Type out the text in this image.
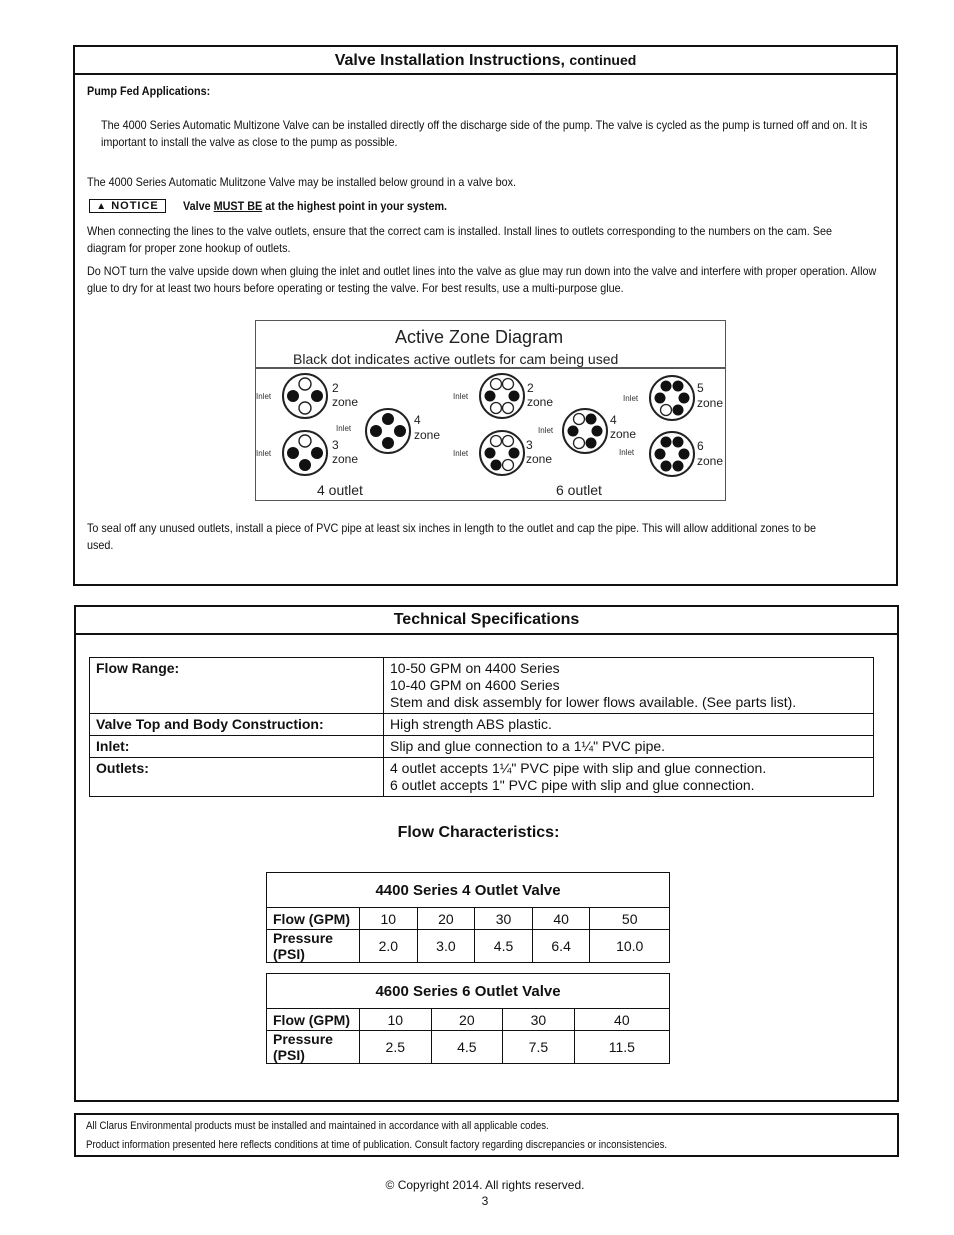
Valve Installation Instructions, continued
Pump Fed Applications:
The 4000 Series Automatic Multizone Valve can be installed directly off the discharge side of the pump. The valve is cycled as the pump is turned off and on. It is important to install the valve as close to the pump as possible.
The 4000 Series Automatic Mulitzone Valve may be installed below ground in a valve box.
▲ NOTICE	Valve MUST BE at the highest point in your system.
When connecting the lines to the valve outlets, ensure that the correct cam is installed. Install lines to outlets corresponding to the numbers on the cam. See diagram for proper zone hookup of outlets.
Do NOT turn the valve upside down when gluing the inlet and outlet lines into the valve as glue may run down into the valve and interfere with proper operation. Allow glue to dry for at least two hours before operating or testing the valve. For best results, use a multi-purpose glue.
Active Zone Diagram
Black dot indicates active outlets for cam being used
Inlet
2
zone
Inlet
3
zone
Inlet
4
zone
Inlet
2
zone
Inlet
3
zone
Inlet
4
zone
Inlet
5
zone
Inlet	6
zone
4 outlet	6 outlet
To seal off any unused outlets, install a piece of PVC pipe at least six inches in length to the outlet and cap the pipe. This will allow additional zones to be used.
Technical Specifications
Flow Range:	10-50 GPM on 4400 Series
10-40 GPM on 4600 Series
Stem and disk assembly for lower flows available. (See parts list).

Valve Top and Body Construction:	High strength ABS plastic.

Inlet:	Slip and glue connection to a 1¼" PVC pipe.

Outlets:	4 outlet accepts 1¼" PVC pipe with slip and glue connection.
6 outlet accepts 1" PVC pipe with slip and glue connection.
Flow Characteristics:
4400 Series 4 Outlet Valve					
Flow (GPM)	10	20	30	40	50
Pressure (PSI)	2.0	3.0	4.5	6.4	10.0
4600 Series 6 Outlet Valve				
Flow (GPM)	10	20	30	40
Pressure (PSI)	2.5	4.5	7.5	11.5
All Clarus Environmental products must be installed and maintained in accordance with all applicable codes.
Product information presented here reflects conditions at time of publication. Consult factory regarding discrepancies or inconsistencies.
© Copyright 2014. All rights reserved.
3
